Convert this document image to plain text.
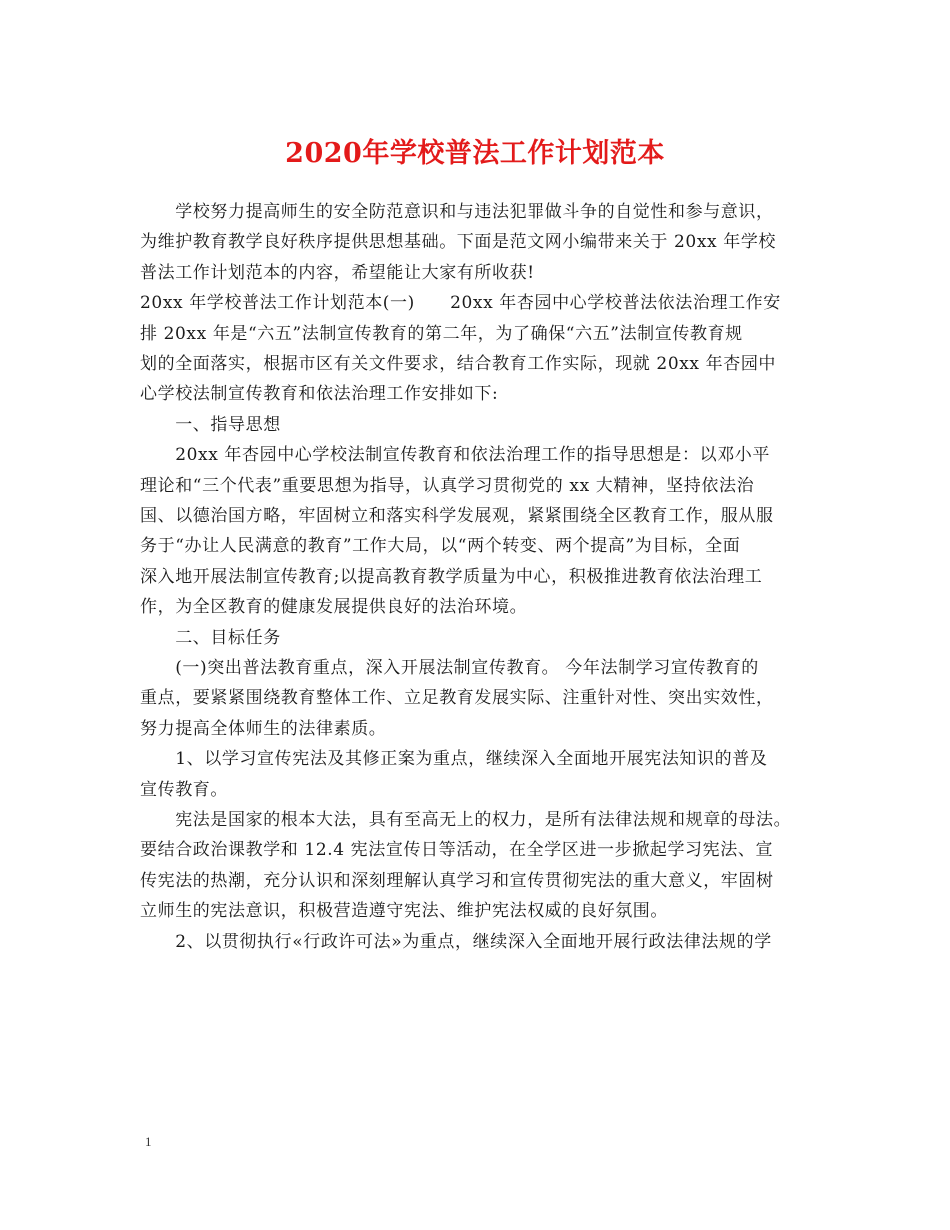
2020年学校普法工作计划范本
　　学校努力提高师生的安全防范意识和与违法犯罪做斗争的自觉性和参与意识，
为维护教育教学良好秩序提供思想基础。下面是范文网小编带来关于 20xx 年学校
普法工作计划范本的内容，希望能让大家有所收获!
20xx 年学校普法工作计划范本(一)　　20xx 年杏园中心学校普法依法治理工作安
排 20xx 年是“六五”法制宣传教育的第二年，为了确保“六五”法制宣传教育规
划的全面落实，根据市区有关文件要求，结合教育工作实际，现就 20xx 年杏园中
心学校法制宣传教育和依法治理工作安排如下:
　　一、指导思想
　　20xx 年杏园中心学校法制宣传教育和依法治理工作的指导思想是：以邓小平
理论和“三个代表”重要思想为指导，认真学习贯彻党的 xx 大精神，坚持依法治
国、以德治国方略，牢固树立和落实科学发展观，紧紧围绕全区教育工作，服从服
务于“办让人民满意的教育”工作大局，以“两个转变、两个提高”为目标，全面
深入地开展法制宣传教育;以提高教育教学质量为中心，积极推进教育依法治理工
作，为全区教育的健康发展提供良好的法治环境。
　　二、目标任务
　　(一)突出普法教育重点，深入开展法制宣传教育。 今年法制学习宣传教育的
重点，要紧紧围绕教育整体工作、立足教育发展实际、注重针对性、突出实效性，
努力提高全体师生的法律素质。
　　1、以学习宣传宪法及其修正案为重点，继续深入全面地开展宪法知识的普及
宣传教育。
　　宪法是国家的根本大法，具有至高无上的权力，是所有法律法规和规章的母法。
要结合政治课教学和 12.4 宪法宣传日等活动，在全学区进一步掀起学习宪法、宣
传宪法的热潮，充分认识和深刻理解认真学习和宣传贯彻宪法的重大意义，牢固树
立师生的宪法意识，积极营造遵守宪法、维护宪法权威的良好氛围。
　　2、以贯彻执行«行政许可法»为重点，继续深入全面地开展行政法律法规的学
1
